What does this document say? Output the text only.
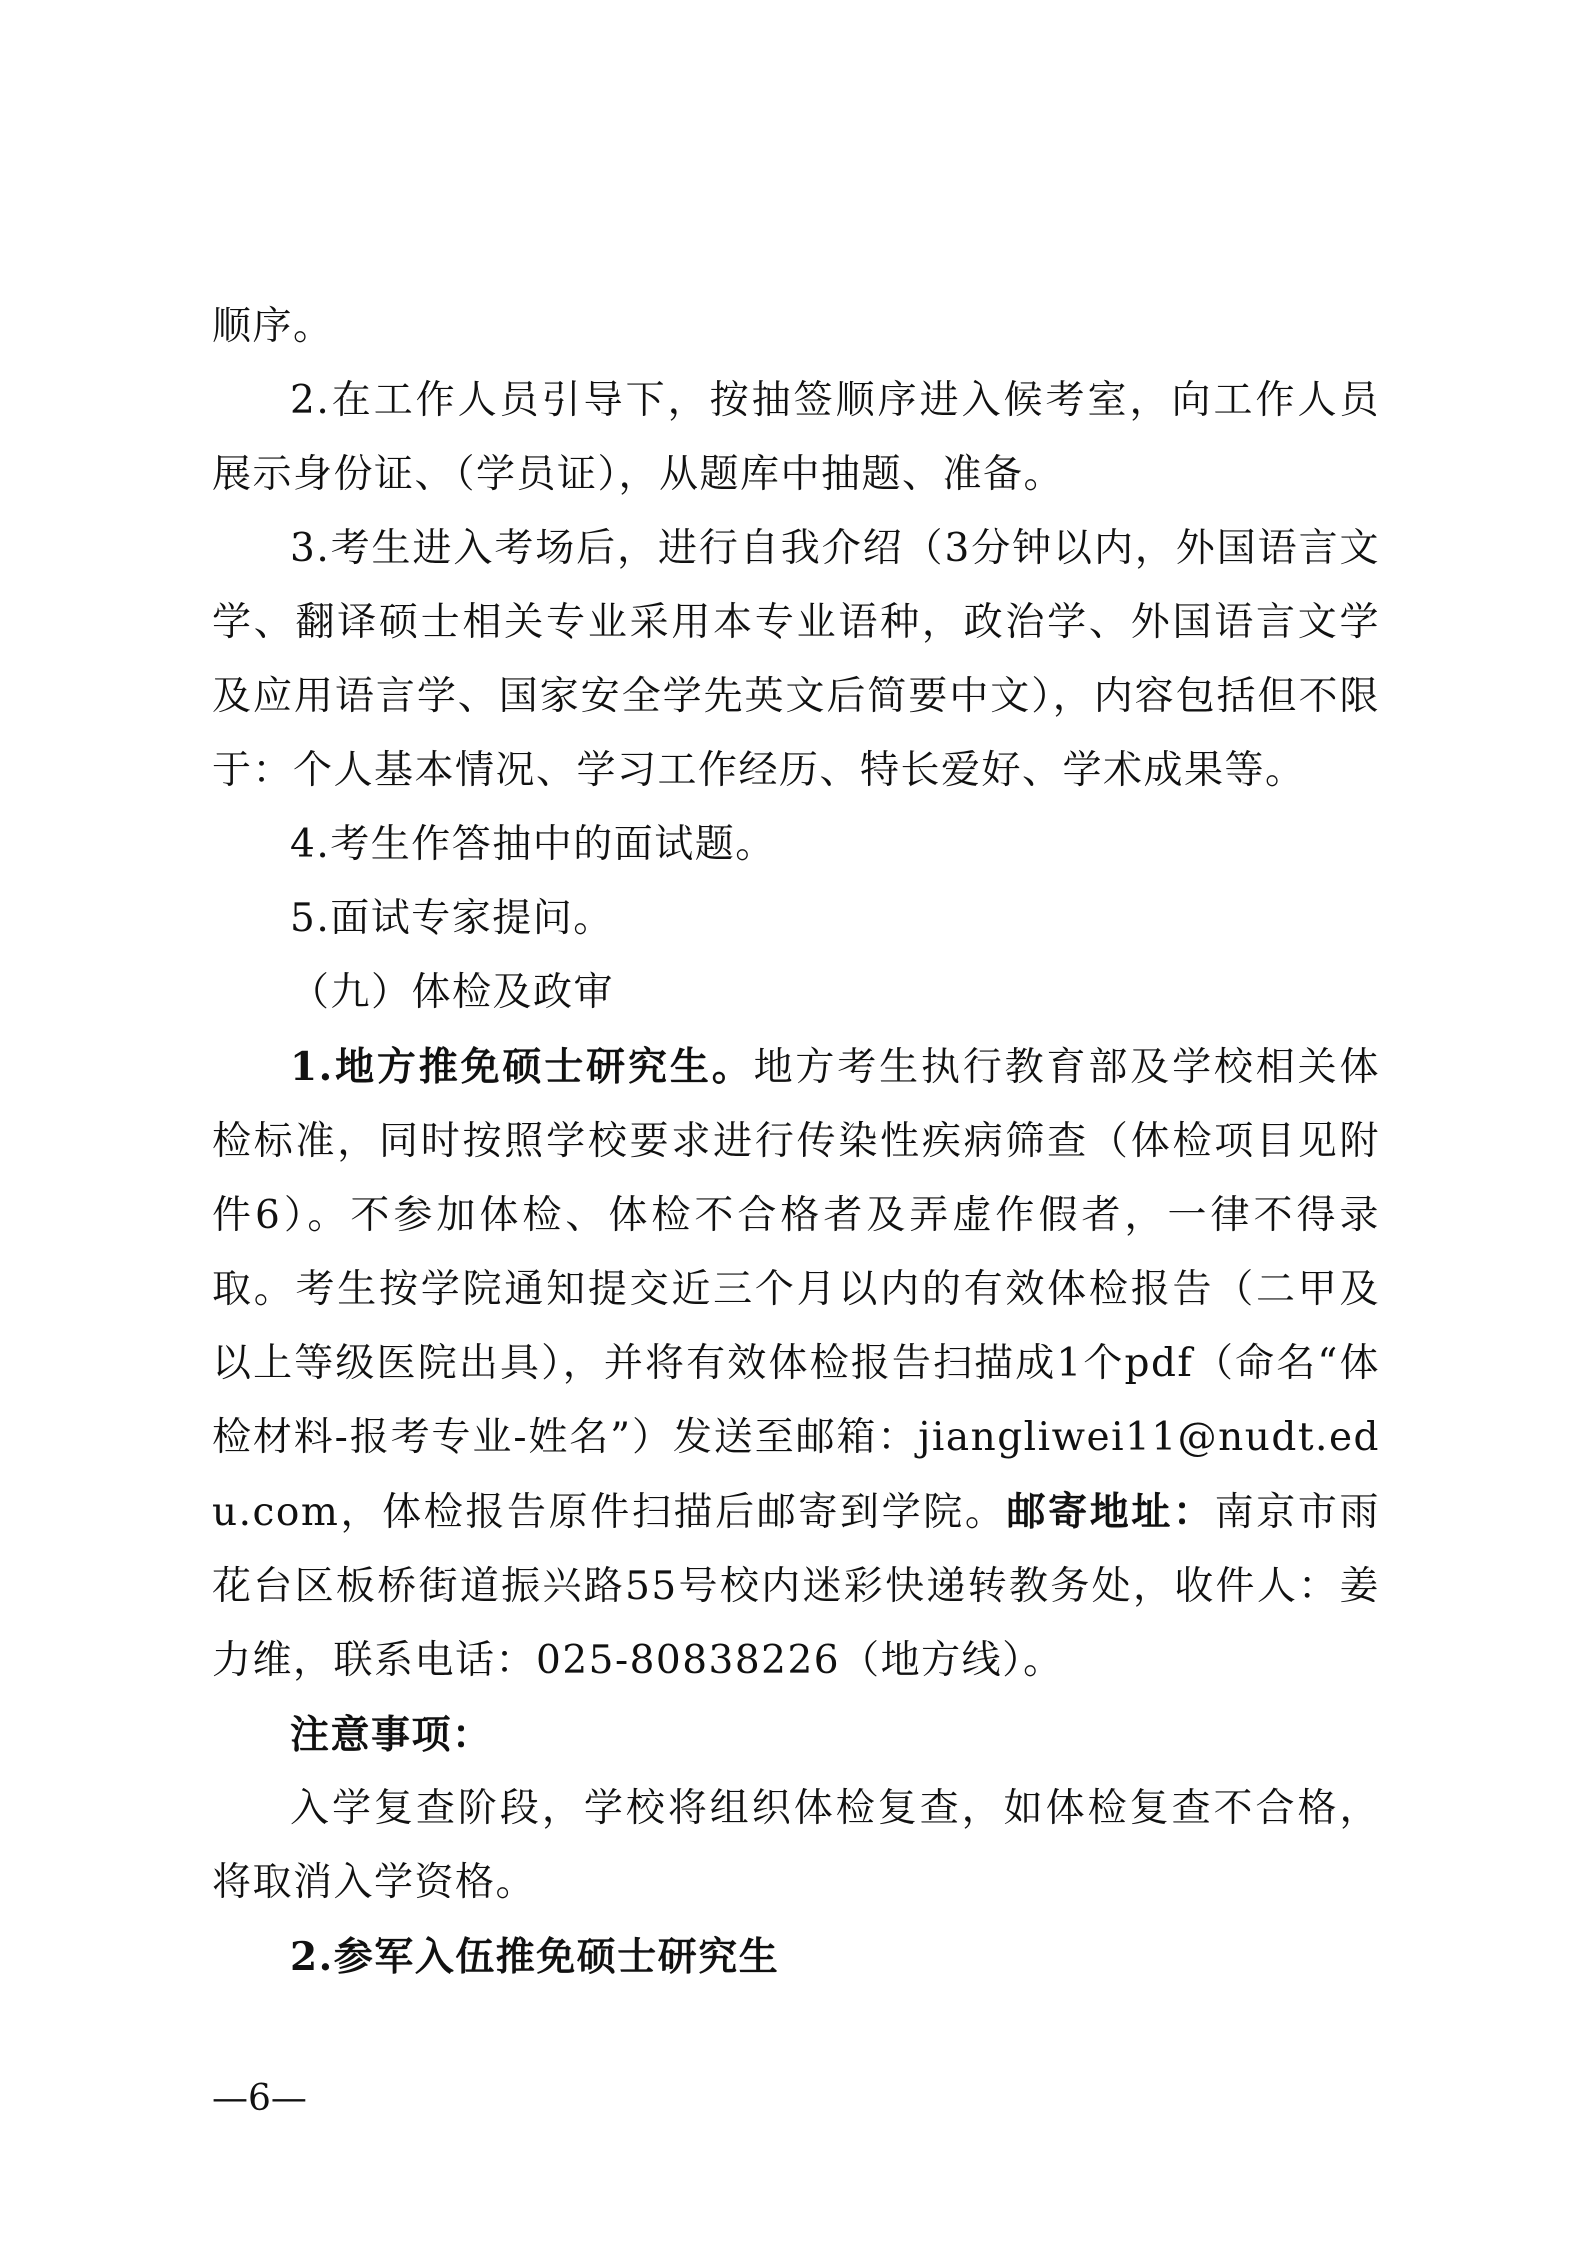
顺序。

2.在工作人员引导下，按抽签顺序进入候考室，向工作人员展示身份证、（学员证），从题库中抽题、准备。

3.考生进入考场后，进行自我介绍（3分钟以内，外国语言文学、翻译硕士相关专业采用本专业语种，政治学、外国语言文学及应用语言学、国家安全学先英文后简要中文），内容包括但不限于：个人基本情况、学习工作经历、特长爱好、学术成果等。

4.考生作答抽中的面试题。

5.面试专家提问。

（九）体检及政审

1.地方推免硕士研究生。地方考生执行教育部及学校相关体检标准，同时按照学校要求进行传染性疾病筛查（体检项目见附件6）。不参加体检、体检不合格者及弄虚作假者，一律不得录取。考生按学院通知提交近三个月以内的有效体检报告（二甲及以上等级医院出具），并将有效体检报告扫描成1个pdf（命名“体检材料-报考专业-姓名”）发送至邮箱：jiangliwei11@nudt.edu.com，体检报告原件扫描后邮寄到学院。邮寄地址：南京市雨花台区板桥街道振兴路55号校内迷彩快递转教务处，收件人：姜力维，联系电话：025-80838226（地方线）。

注意事项：

入学复查阶段，学校将组织体检复查，如体检复查不合格，将取消入学资格。

2.参军入伍推免硕士研究生

—6—
